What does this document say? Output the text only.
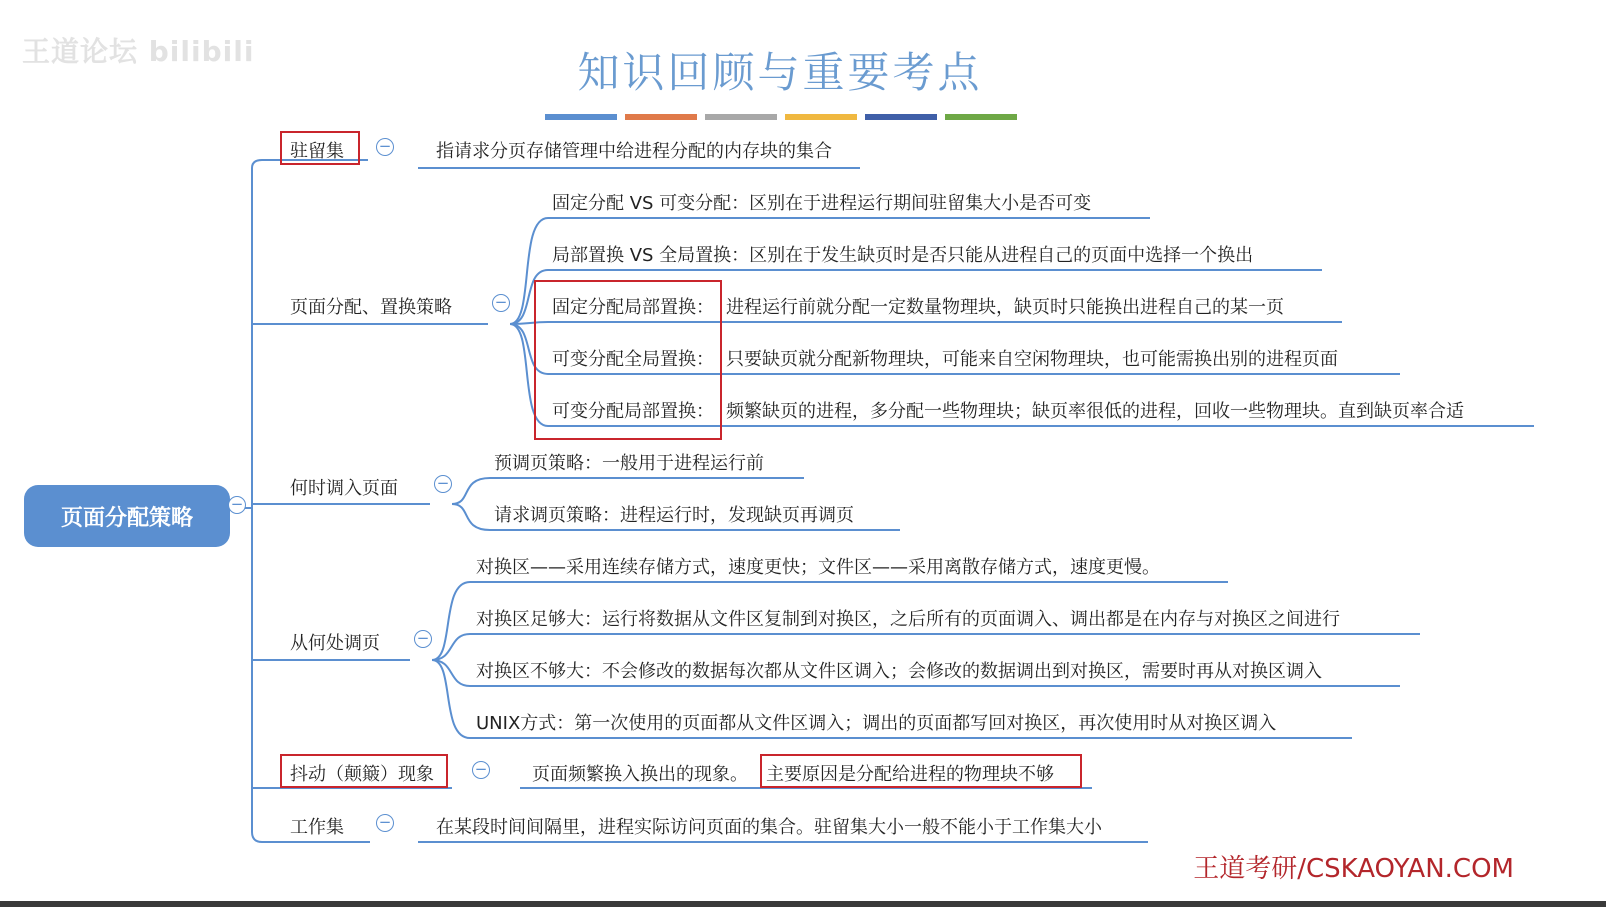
王道论坛 bilibili	知识回顾与重要考点
页面分配策略
−
驻留集 − 指请求分页存储管理中给进程分配的内存块的集合
页面分配、置换策略	−
固定分配 VS 可变分配：区别在于进程运行期间驻留集大小是否可变
局部置换 VS 全局置换：区别在于发生缺页时是否只能从进程自己的页面中选择一个换出
固定分配局部置换： 进程运行前就分配一定数量物理块，缺页时只能换出进程自己的某一页
可变分配全局置换： 只要缺页就分配新物理块，可能来自空闲物理块，也可能需换出别的进程页面
可变分配局部置换： 频繁缺页的进程，多分配一些物理块；缺页率很低的进程，回收一些物理块。直到缺页率合适
何时调入页面	−
预调页策略：一般用于进程运行前
请求调页策略：进程运行时，发现缺页再调页
从何处调页 −
对换区——采用连续存储方式，速度更快；文件区——采用离散存储方式，速度更慢。
对换区足够大：运行将数据从文件区复制到对换区，之后所有的页面调入、调出都是在内存与对换区之间进行
对换区不够大：不会修改的数据每次都从文件区调入；会修改的数据调出到对换区，需要时再从对换区调入
UNIX方式：第一次使用的页面都从文件区调入；调出的页面都写回对换区，再次使用时从对换区调入
抖动（颠簸）现象	− 页面频繁换入换出的现象。 主要原因是分配给进程的物理块不够
工作集 − 在某段时间间隔里，进程实际访问页面的集合。驻留集大小一般不能小于工作集大小
王道考研/CSKAOYAN.COM
